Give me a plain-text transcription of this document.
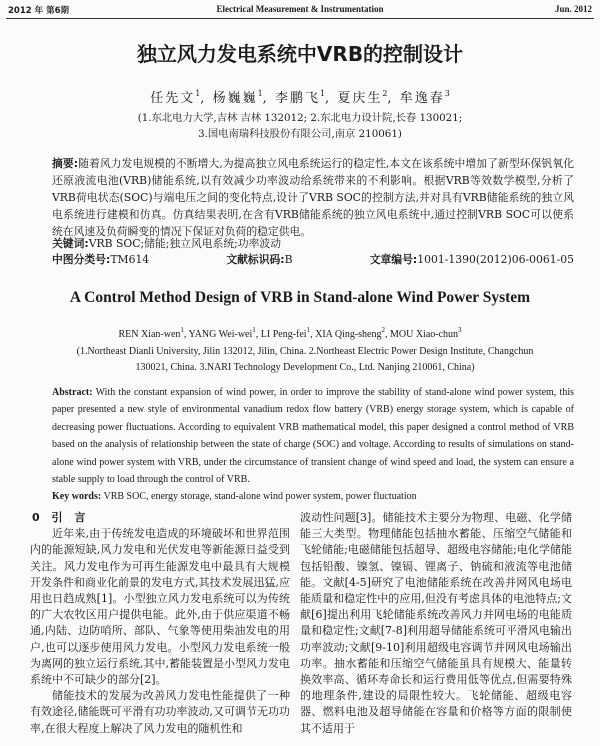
2012 年 第6期	Electrical Measurement & Instrumentation	Jun. 2012
独立风力发电系统中VRB的控制设计
任先文$^1$, 杨巍巍$^1$, 李鹏飞$^1$, 夏庆生$^2$, 牟逸春$^3$
(1.东北电力大学,吉林 吉林 132012; 2.东北电力设计院,长春 130021;
3.国电南瑞科技股份有限公司,南京 210061)
摘要:随着风力发电规模的不断增大,为提高独立风电系统运行的稳定性,本文在该系统中增加了新型环保钒氧化还原液流电池(VRB)储能系统,以有效减少功率波动给系统带来的不利影响。根据VRB等效数学模型,分析了VRB荷电状态(SOC)与端电压之间的变化特点,设计了VRB SOC的控制方法,并对具有VRB储能系统的独立风电系统进行建模和仿真。仿真结果表明,在含有VRB储能系统的独立风电系统中,通过控制VRB SOC可以使系统在风速及负荷瞬变的情况下保证对负荷的稳定供电。
关键词:VRB SOC;储能;独立风电系统;功率波动
中图分类号:TM614	文献标识码:B	文章编号:1001-1390(2012)06-0061-05
A Control Method Design of VRB in Stand-alone Wind Power System
REN Xian-wen$^1$, YANG Wei-wei$^1$, LI Peng-fei$^1$, XIA Qing-sheng$^2$, MOU Xiao-chun$^3$
(1.Northeast Dianli University, Jilin 132012, Jilin, China. 2.Northeast Electric Power Design Institute, Changchun
130021, China. 3.NARI Technology Development Co., Ltd. Nanjing 210061, China)
Abstract: With the constant expansion of wind power, in order to improve the stability of stand-alone wind power system, this paper presented a new style of environmental vanadium redox flow battery (VRB) energy storage system, which is capable of decreasing power fluctuations. According to equivalent VRB mathematical model, this paper designed a control method of VRB based on the analysis of relationship between the state of charge (SOC) and voltage. According to results of simulations on stand-alone wind power system with VRB, under the circumstance of transient change of wind speed and load, the system can ensure a stable supply to load through the control of VRB.
Key words: VRB SOC, energy storage, stand-alone wind power system, power fluctuation
0 引 言

近年来,由于传统发电造成的环境破坏和世界范围内的能源短缺,风力发电和光伏发电等新能源日益受到关注。风力发电作为可再生能源发电中最具有大规模开发条件和商业化前景的发电方式,其技术发展迅猛,应用也日趋成熟[1]。小型独立风力发电系统可以为传统的广大农牧区用户提供电能。此外,由于供应渠道不畅通,内陆、边防哨所、部队、气象等使用柴油发电的用户,也可以逐步使用风力发电。小型风力发电系统一般为离网的独立运行系统,其中,蓄能装置是小型风力发电系统中不可缺少的部分[2]。

储能技术的发展为改善风力发电性能提供了一种有效途径,储能既可平滑有功功率波动,又可调节无功功率,在很大程度上解决了风力发电的随机性和

波动性问题[3]。储能技术主要分为物理、电磁、化学储能三大类型。物理储能包括抽水蓄能、压缩空气储能和飞轮储能;电磁储能包括超导、超级电容储能;电化学储能包括铅酸、镍氢、镍镉、锂离子、钠硫和液流等电池储能。文献[4-5]研究了电池储能系统在改善并网风电场电能质量和稳定性中的应用,但没有考虑具体的电池特点;文献[6]提出利用飞轮储能系统改善风力并网电场的电能质量和稳定性;文献[7-8]利用超导储能系统可平滑风电输出功率波动;文献[9-10]利用超级电容调节并网风电场输出功率。抽水蓄能和压缩空气储能虽具有规模大、能量转换效率高、循环寿命长和运行费用低等优点,但需要特殊的地理条件,建设的局限性较大。飞轮储能、超级电容器、燃料电池及超导储能在容量和价格等方面的限制使其不适用于
